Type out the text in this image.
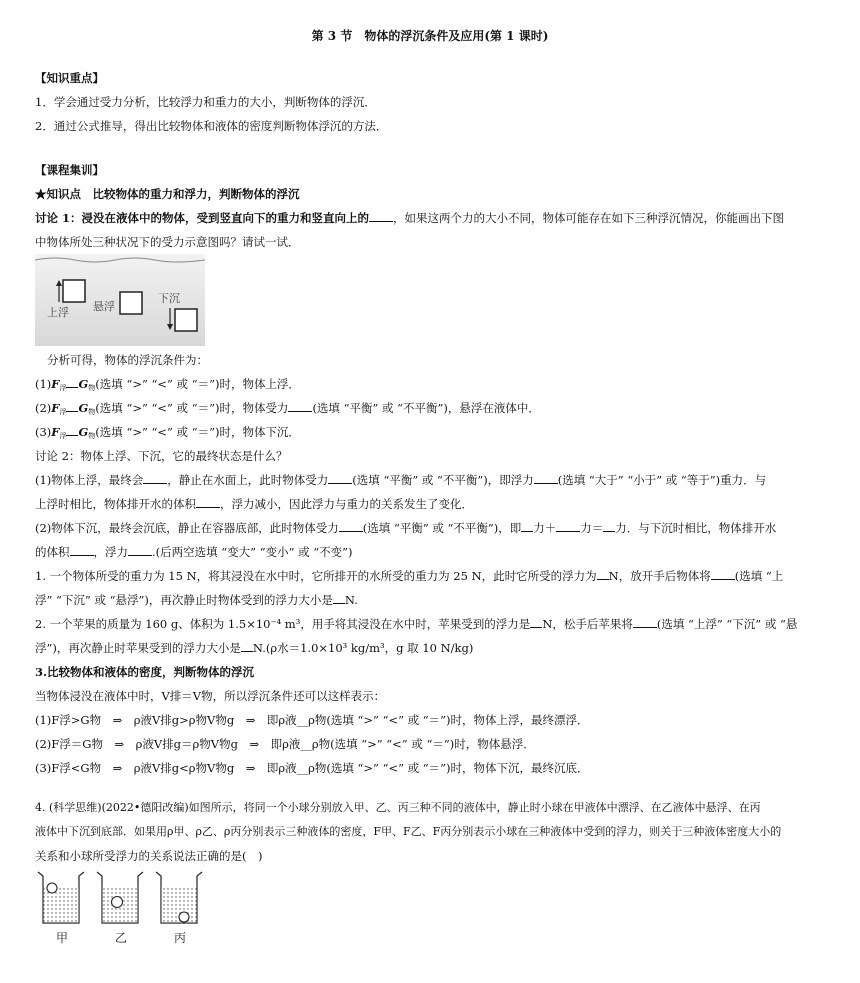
第 3 节　物体的浮沉条件及应用(第 1 课时)
【知识重点】
1．学会通过受力分析，比较浮力和重力的大小，判断物体的浮沉．
2．通过公式推导，得出比较物体和液体的密度判断物体浮沉的方法．
【课程集训】
★知识点　比较物体的重力和浮力，判断物体的浮沉
讨论 1：浸没在液体中的物体，受到竖直向下的重力和竖直向上的 ，如果这两个力的大小不同，物体可能存在如下三种浮沉情况，你能画出下图
中物体所处三种状况下的受力示意图吗？请试一试．
上浮 悬浮
下沉
分析可得，物体的浮沉条件为：
$(1)F_浮$ $G_物$(选填 “>” “<” 或 “＝”)时，物体上浮．
$(2)F_浮$ $G_物$(选填 “>” “<” 或 “＝”)时，物体受力 (选填 “平衡” 或 “不平衡”)，悬浮在液体中．
$(3)F_浮$ $G_物$(选填 “>” “<” 或 “＝”)时，物体下沉．
讨论 2：物体上浮、下沉，它的最终状态是什么？
(1)物体上浮，最终会 ，静止在水面上，此时物体受力 (选填 “平衡” 或 “不平衡”)，即浮力 (选填 “大于” “小于” 或 “等于”)重力．与
上浮时相比，物体排开水的体积 ，浮力减小，因此浮力与重力的关系发生了变化．
(2)物体下沉，最终会沉底，静止在容器底部，此时物体受力 (选填 “平衡” 或 “不平衡”)，即 力＋ 力＝ 力．与下沉时相比，物体排开水
的体积 ，浮力 .(后两空选填 “变大” “变小” 或 “不变”)
1. 一个物体所受的重力为 15 N，将其浸没在水中时，它所排开的水所受的重力为 25 N，此时它所受的浮力为 N，放开手后物体将 (选填 “上
浮” “下沉” 或 “悬浮”)，再次静止时物体受到的浮力大小是 N.
2. 一个苹果的质量为 160 g、体积为 1.5×10⁻⁴ m³，用手将其浸没在水中时，苹果受到的浮力是 N，松手后苹果将 (选填 “上浮” “下沉” 或 “悬
浮”)，再次静止时苹果受到的浮力大小是 N.(ρ水＝1.0×10³ kg/m³，g 取 10 N/kg)
3.比较物体和液体的密度，判断物体的浮沉
当物体浸没在液体中时，V排＝V物，所以浮沉条件还可以这样表示：
(1)F浮>G物　⇒　ρ液V排g>ρ物V物g　⇒　即ρ液__ρ物(选填 “>” “<” 或 “＝”)时，物体上浮，最终漂浮．
(2)F浮＝G物　⇒　ρ液V排g＝ρ物V物g　⇒　即ρ液__ρ物(选填 “>” “<” 或 “＝”)时，物体悬浮．
(3)F浮<G物　⇒　ρ液V排g<ρ物V物g　⇒　即ρ液__ρ物(选填 “>” “<” 或 “＝”)时，物体下沉，最终沉底．
4. (科学思维)(2022•德阳改编)如图所示，将同一个小球分别放入甲、乙、丙三种不同的液体中，静止时小球在甲液体中漂浮、在乙液体中悬浮、在丙
液体中下沉到底部．如果用ρ甲、ρ乙、ρ丙分别表示三种液体的密度，F甲、F乙、F丙分别表示小球在三种液体中受到的浮力，则关于三种液体密度大小的
关系和小球所受浮力的关系说法正确的是(　)
甲	乙	丙
